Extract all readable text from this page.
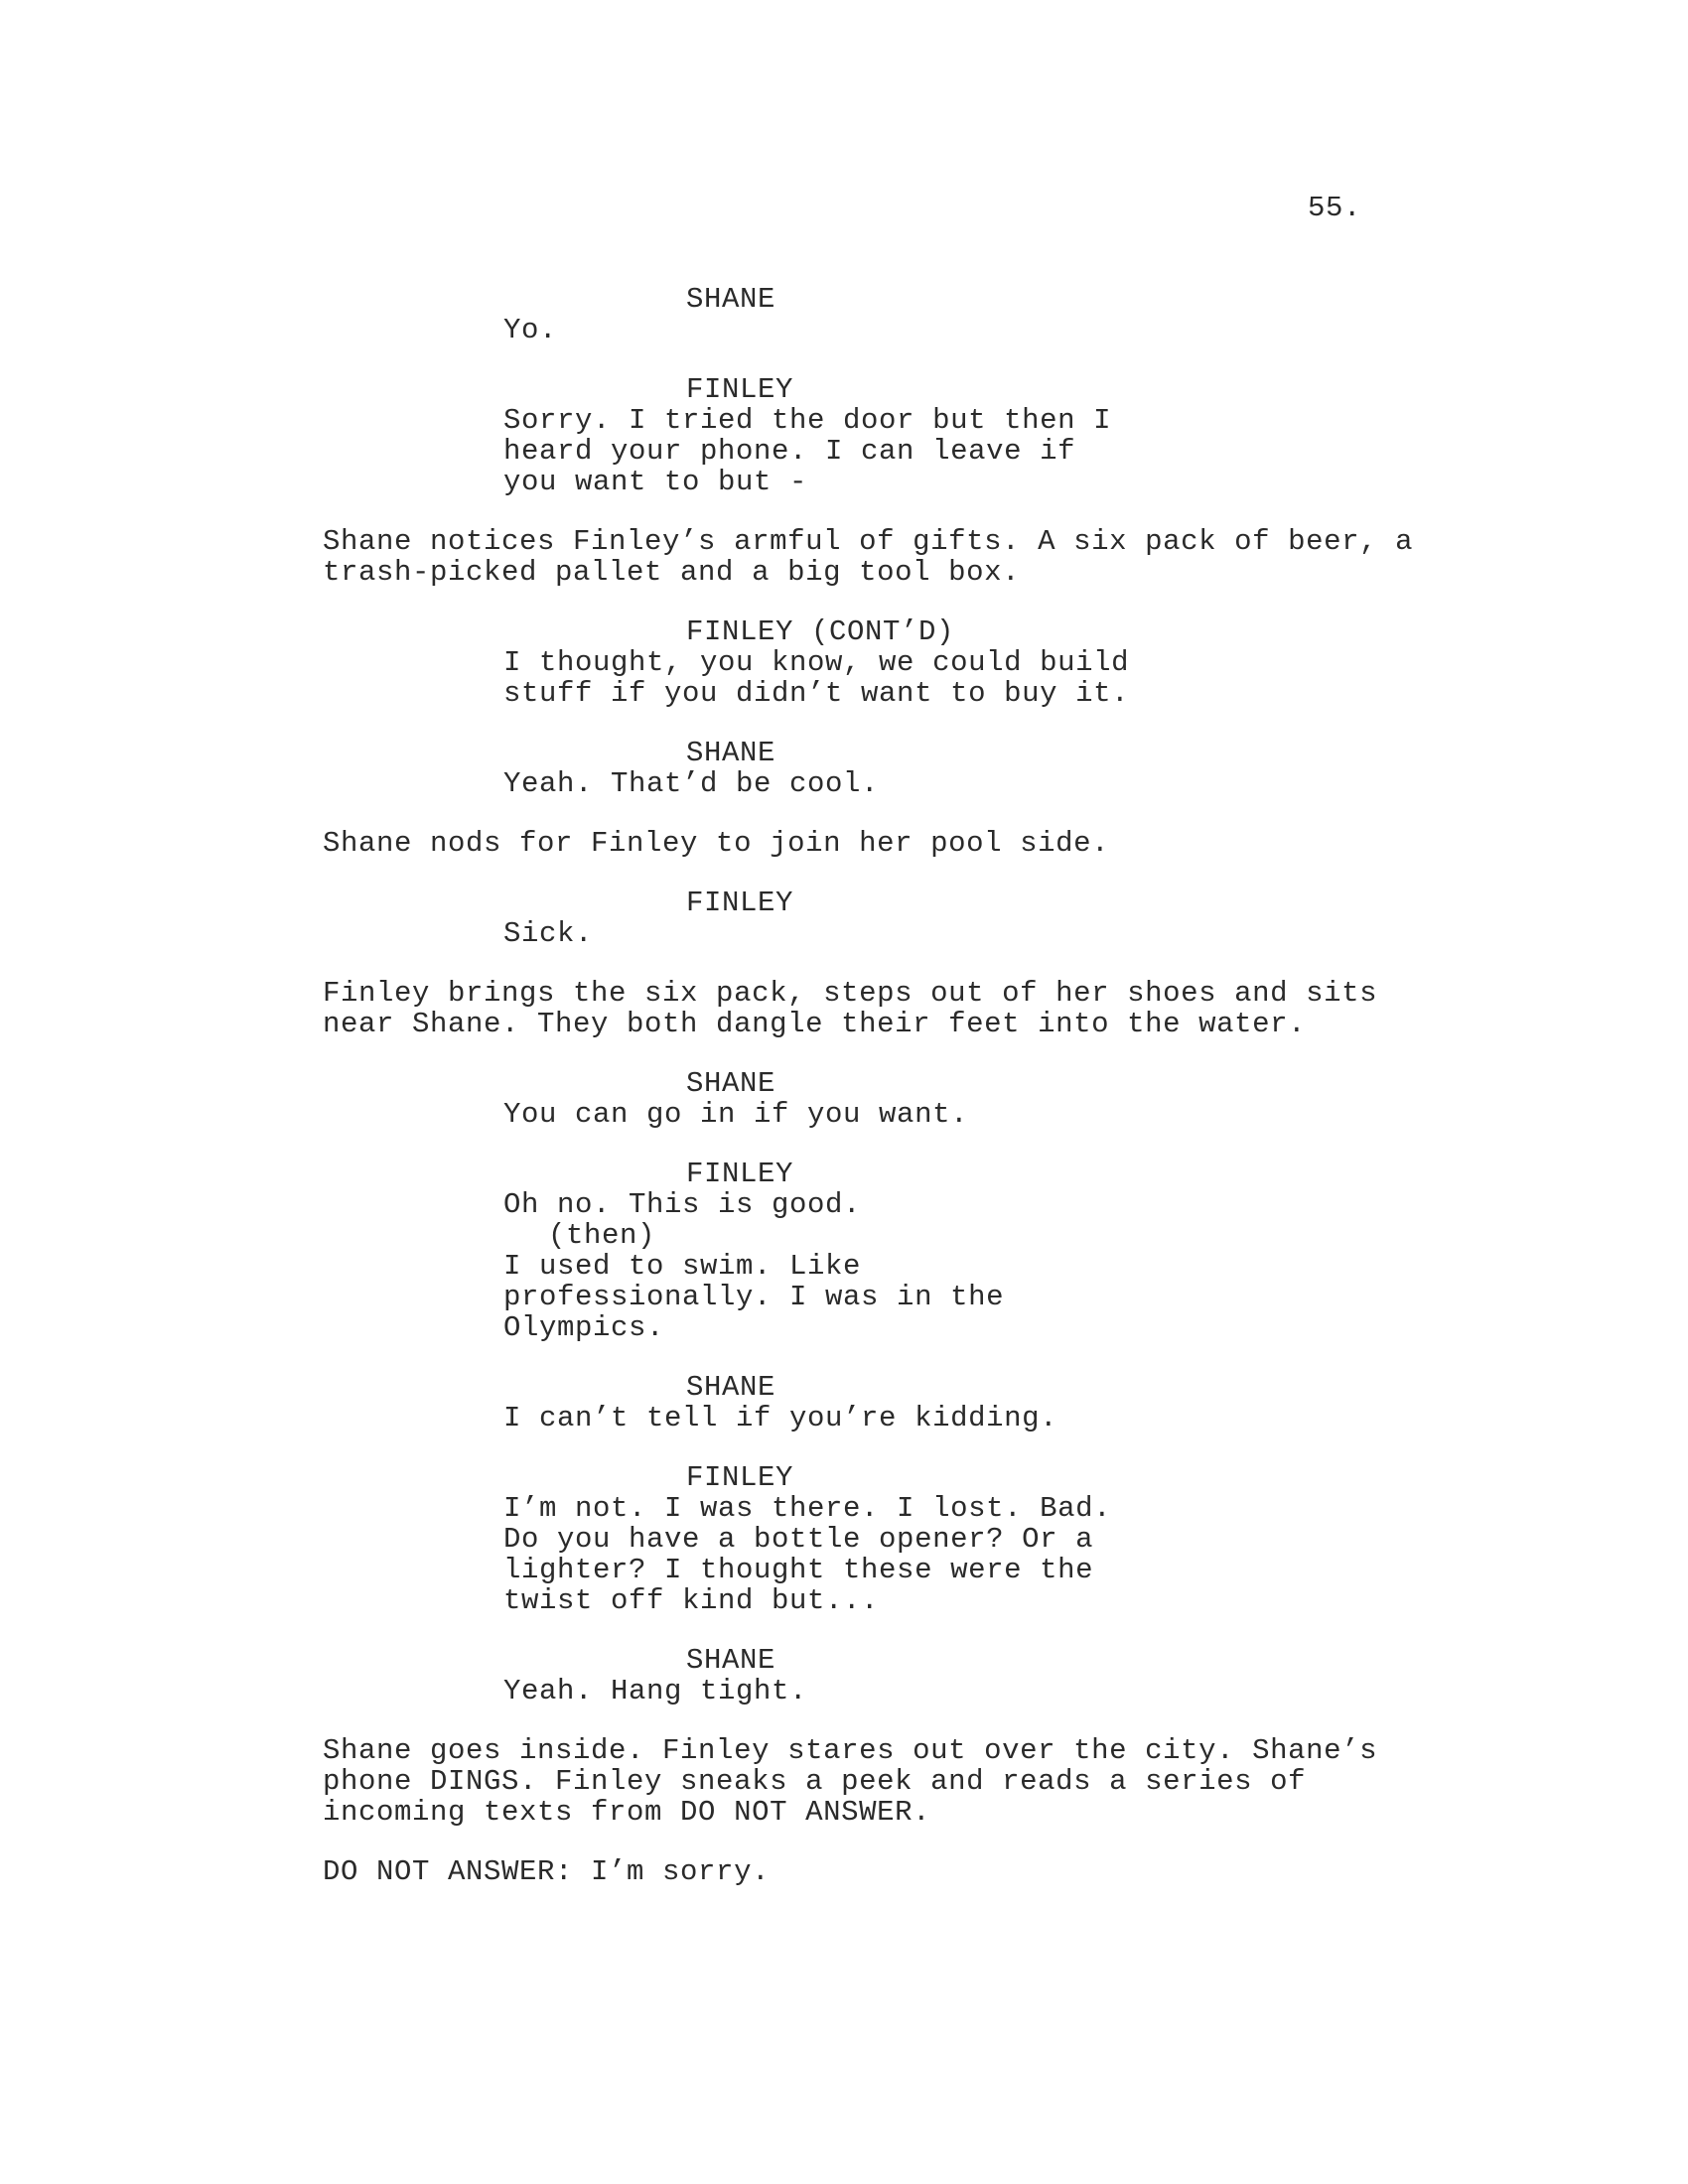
55.
SHANE
Yo.
FINLEY
Sorry. I tried the door but then I
heard your phone. I can leave if
you want to but -
Shane notices Finley’s armful of gifts. A six pack of beer, a
trash-picked pallet and a big tool box.
FINLEY (CONT’D)
I thought, you know, we could build
stuff if you didn’t want to buy it.
SHANE
Yeah. That’d be cool.
Shane nods for Finley to join her pool side.
FINLEY
Sick.
Finley brings the six pack, steps out of her shoes and sits
near Shane. They both dangle their feet into the water.
SHANE
You can go in if you want.
FINLEY
Oh no. This is good.
(then)
I used to swim. Like
professionally. I was in the
Olympics.
SHANE
I can’t tell if you’re kidding.
FINLEY
I’m not. I was there. I lost. Bad.
Do you have a bottle opener? Or a
lighter? I thought these were the
twist off kind but...
SHANE
Yeah. Hang tight.
Shane goes inside. Finley stares out over the city. Shane’s
phone DINGS. Finley sneaks a peek and reads a series of
incoming texts from DO NOT ANSWER.
DO NOT ANSWER: I’m sorry.
